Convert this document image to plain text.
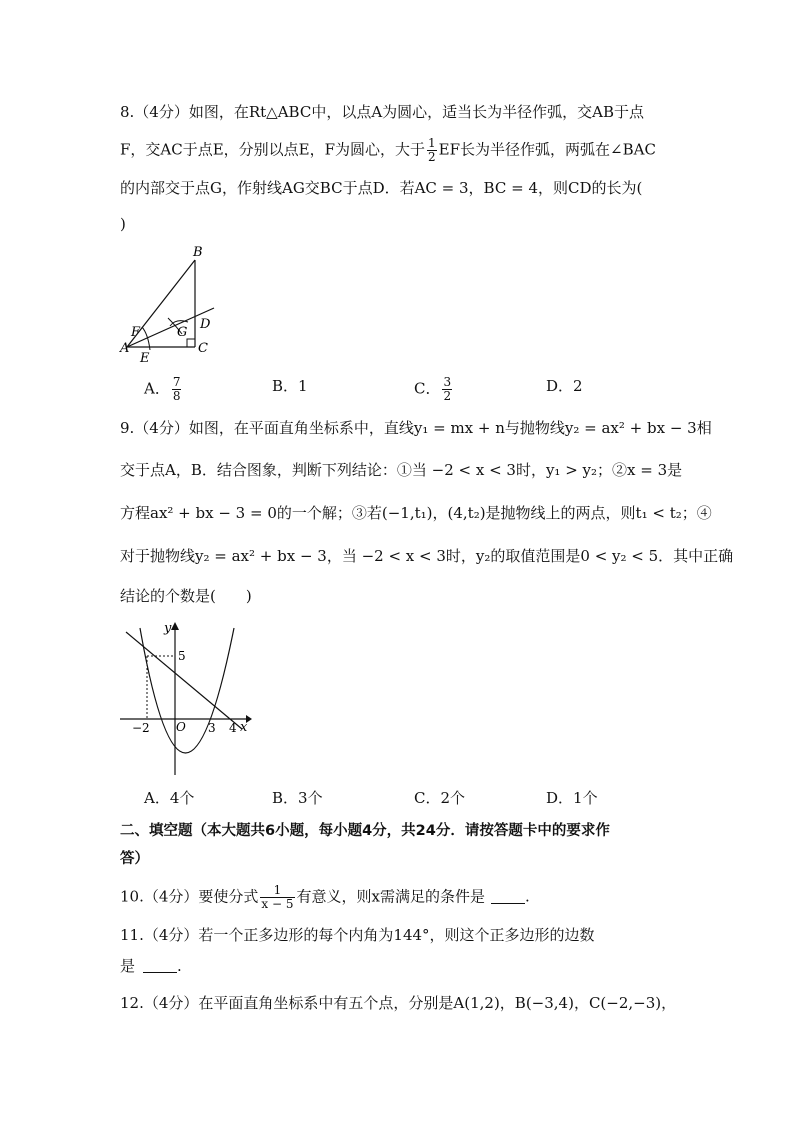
8.（4分）如图，在Rt△ABC中，以点A为圆心，适当长为半径作弧，交AB于点
F，交AC于点E，分别以点E，F为圆心，大于 $\frac{1}{2}$ EF长为半径作弧，两弧在∠BAC
的内部交于点G，作射线AG交BC于点D．若AC = 3，BC = 4，则CD的长为(
)
B
F	G
D
A
E
C
A． $\frac{7}{8}$	B．1	C． $\frac{3}{2}$	D．2
9.（4分）如图，在平面直角坐标系中，直线y₁ = mx + n与抛物线y₂ = ax² + bx − 3相
交于点A，B．结合图象，判断下列结论：①当 −2 < x < 3时，y₁ > y₂；②x = 3是
方程ax² + bx − 3 = 0的一个解；③若(−1,t₁)，(4,t₂)是抛物线上的两点，则t₁ < t₂；④
对于抛物线y₂ = ax² + bx − 3，当 −2 < x < 3时，y₂的取值范围是0 < y₂ < 5．其中正确
结论的个数是(　　)
y
x
5
−2 O 3 4
A．4个	B．3个	C．2个	D．1个
二、填空题（本大题共6小题，每小题4分，共24分．请按答题卡中的要求作
答）
10.（4分）要使分式 $\frac{1}{x - 5}$ 有意义，则x需满足的条件是	.
11.（4分）若一个正多边形的每个内角为144°，则这个正多边形的边数
是	.
12.（4分）在平面直角坐标系中有五个点，分别是A(1,2)，B(−3,4)，C(−2,−3)，
